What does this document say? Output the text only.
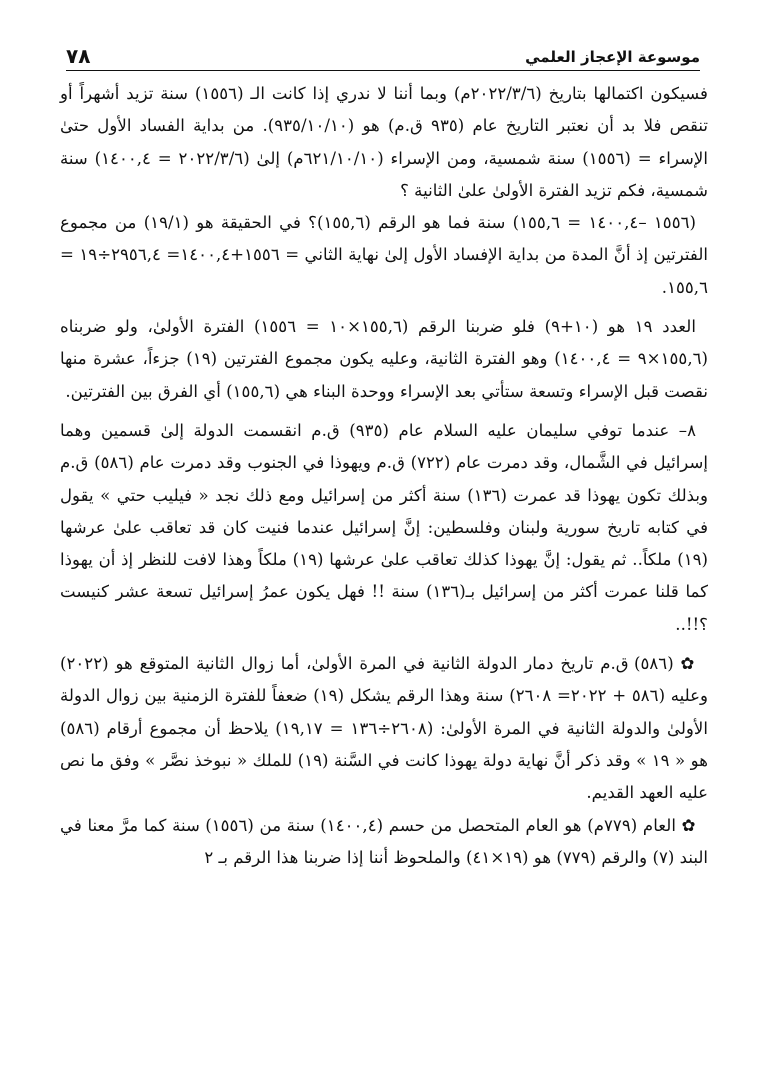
موسوعة الإعجاز العلمي
٧٨

فسيكون اكتمالها بتاريخ (٢٠٢٢/٣/٦م) وبما أننا لا ندري إذا كانت الـ (١٥٥٦) سنة تزيد أشهراً أو تنقص فلا بد أن نعتبر التاريخ عام (٩٣٥ ق.م) هو (٩٣٥/١٠/١٠). من بداية الفساد الأول حتىٰ الإسراء = (١٥٥٦) سنة شمسية، ومن الإسراء (٦٢١/١٠/١٠م) إلىٰ (٢٠٢٢/٣/٦ = ١٤٠٠,٤) سنة شمسية، فكم تزيد الفترة الأولىٰ علىٰ الثانية ؟

(١٥٥٦ –١٤٠٠,٤ = ١٥٥,٦) سنة فما هو الرقم (١٥٥,٦)؟ في الحقيقة هو (١٩/١) من مجموع الفترتين إذ أنَّ المدة من بداية الإفساد الأول إلىٰ نهاية الثاني = ١٥٥٦+١٤٠٠,٤= ٢٩٥٦,٤÷١٩ = ١٥٥,٦.

العدد ١٩ هو (١٠+٩) فلو ضربنا الرقم (١٥٥,٦×١٠ = ١٥٥٦) الفترة الأولىٰ، ولو ضربناه (١٥٥,٦×٩ = ١٤٠٠,٤) وهو الفترة الثانية، وعليه يكون مجموع الفترتين (١٩) جزءاً، عشرة منها نقصت قبل الإسراء وتسعة ستأتي بعد الإسراء ووحدة البناء هي (١٥٥,٦) أي الفرق بين الفترتين.

٨– عندما توفي سليمان عليه السلام عام (٩٣٥) ق.م انقسمت الدولة إلىٰ قسمين وهما إسرائيل في الشَّمال، وقد دمرت عام (٧٢٢) ق.م ويهوذا في الجنوب وقد دمرت عام (٥٨٦) ق.م وبذلك تكون يهوذا قد عمرت (١٣٦) سنة أكثر من إسرائيل ومع ذلك نجد « فيليب حتي » يقول في كتابه تاريخ سورية ولبنان وفلسطين: إنَّ إسرائيل عندما فنيت كان قد تعاقب علىٰ عرشها (١٩) ملكاً.. ثم يقول: إنَّ يهوذا كذلك تعاقب علىٰ عرشها (١٩) ملكاً وهذا لافت للنظر إذ أن يهوذا كما قلنا عمرت أكثر من إسرائيل بـ(١٣٦) سنة !! فهل يكون عمرُ إسرائيل تسعة عشر كنيست ؟!!..

✿ (٥٨٦) ق.م تاريخ دمار الدولة الثانية في المرة الأولىٰ، أما زوال الثانية المتوقع هو (٢٠٢٢) وعليه (٥٨٦ + ٢٠٢٢= ٢٦٠٨) سنة وهذا الرقم يشكل (١٩) ضعفاً للفترة الزمنية بين زوال الدولة الأولىٰ والدولة الثانية في المرة الأولىٰ: (٢٦٠٨÷١٣٦ = ١٩,١٧) يلاحظ أن مجموع أرقام (٥٨٦) هو « ١٩ » وقد ذكر أنَّ نهاية دولة يهوذا كانت في السَّنة (١٩) للملك « نبوخذ نصَّر » وفق ما نص عليه العهد القديم.

✿ العام (٧٧٩م) هو العام المتحصل من حسم (١٤٠٠,٤) سنة من (١٥٥٦) سنة كما مرَّ معنا في البند (٧) والرقم (٧٧٩) هو (١٩×٤١) والملحوظ أننا إذا ضربنا هذا الرقم بـ ٢
